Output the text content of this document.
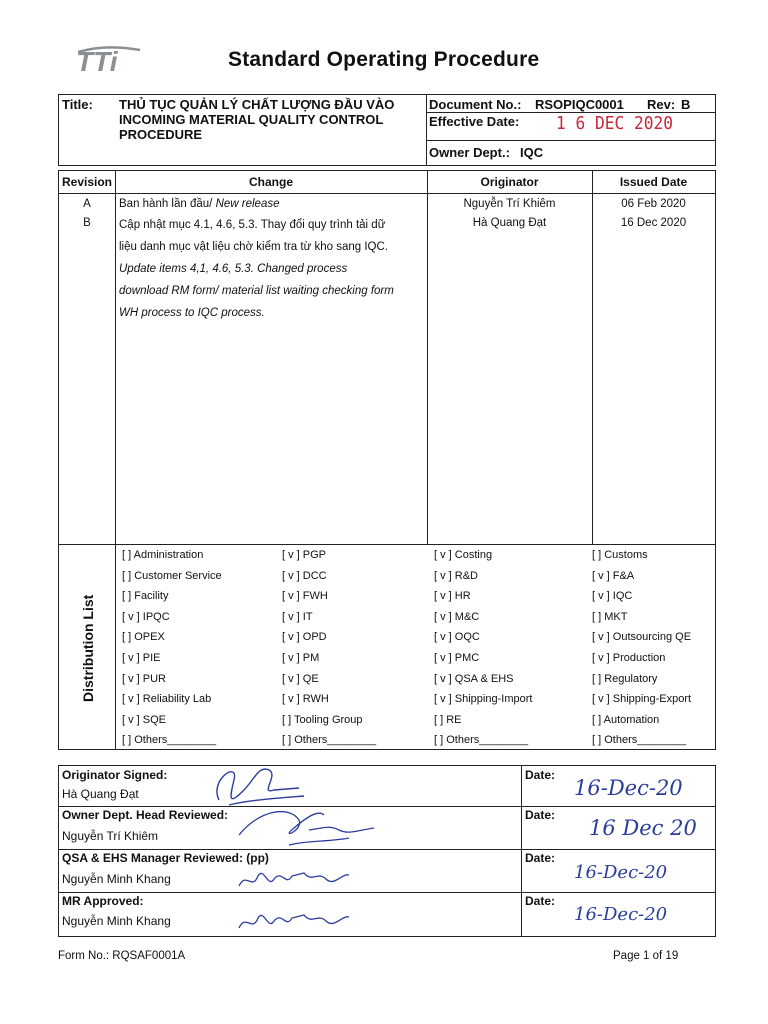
TTi	Standard Operating Procedure
Title: THỦ TỤC QUẢN LÝ CHẤT LƯỢNG ĐẦU VÀO
INCOMING MATERIAL QUALITY CONTROL
PROCEDURE
Document No.: RSOPIQC0001 Rev: B
Effective Date: 1 6 DEC 2020
Owner Dept.: IQC
Revision	Change	Originator	Issued Date
A	Ban hành lần đầu/ New release	Nguyễn Trí Khiêm	06 Feb 2020
B	Cập nhật mục 4.1, 4.6, 5.3. Thay đổi quy trình tải dữ
liệu danh mục vật liệu chờ kiểm tra từ kho sang IQC.
Update items 4,1, 4.6, 5.3. Changed process
download RM form/ material list waiting checking form
WH process to IQC process.
Hà Quang Đạt	16 Dec 2020
Distribution List
[ ] Administration	[ v ] PGP	[ v ] Costing	[ ] Customs
[ ] Customer Service	[ v ] DCC	[ v ] R&D	[ v ] F&A
[ ] Facility	[ v ] FWH	[ v ] HR	[ v ] IQC
[ v ] IPQC	[ v ] IT	[ v ] M&C	[ ] MKT
[ ] OPEX	[ v ] OPD	[ v ] OQC	[ v ] Outsourcing QE
[ v ] PIE	[ v ] PM	[ v ] PMC	[ v ] Production
[ v ] PUR	[ v ] QE	[ v ] QSA & EHS	[ ] Regulatory
[ v ] Reliability Lab	[ v ] RWH	[ v ] Shipping-Import	[ v ] Shipping-Export
[ v ] SQE	[ ] Tooling Group	[ ] RE	[ ] Automation
[ ] Others________	[ ] Others________	[ ] Others________	[ ] Others________
Originator Signed:
Hà Quang Đạt
Date:
16-Dec-20
Owner Dept. Head Reviewed:
Nguyễn Trí Khiêm
Date:
16 Dec 20
QSA & EHS Manager Reviewed: (pp)
Nguyễn Minh Khang
Date:
16-Dec-20
MR Approved:
Nguyễn Minh Khang
Date:
16-Dec-20
Form No.: RQSAF0001A	Page 1 of 19
